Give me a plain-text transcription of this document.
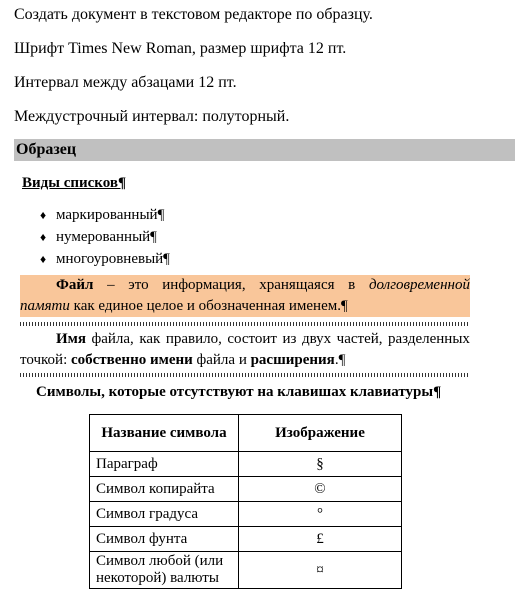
Создать документ в текстовом редакторе по образцу.
Шрифт Times New Roman, размер шрифта 12 пт.
Интервал между абзацами 12 пт.
Междустрочный интервал: полуторный.
Образец
Виды списков¶
♦ маркированный¶
♦ нумерованный¶
♦ многоуровневый¶
Файл – это информация, хранящаяся в долговременной
памяти как единое целое и обозначенная именем.¶
Имя файла, как правило, состоит из двух частей, разделенных
точкой: собственно имени файла и расширения.¶
Символы, которые отсутствуют на клавишах клавиатуры¶
Название символа	Изображение
Параграф	§
Символ копирайта	©
Символ градуса	°
Символ фунта	£
Символ любой (или некоторой) валюты	¤
